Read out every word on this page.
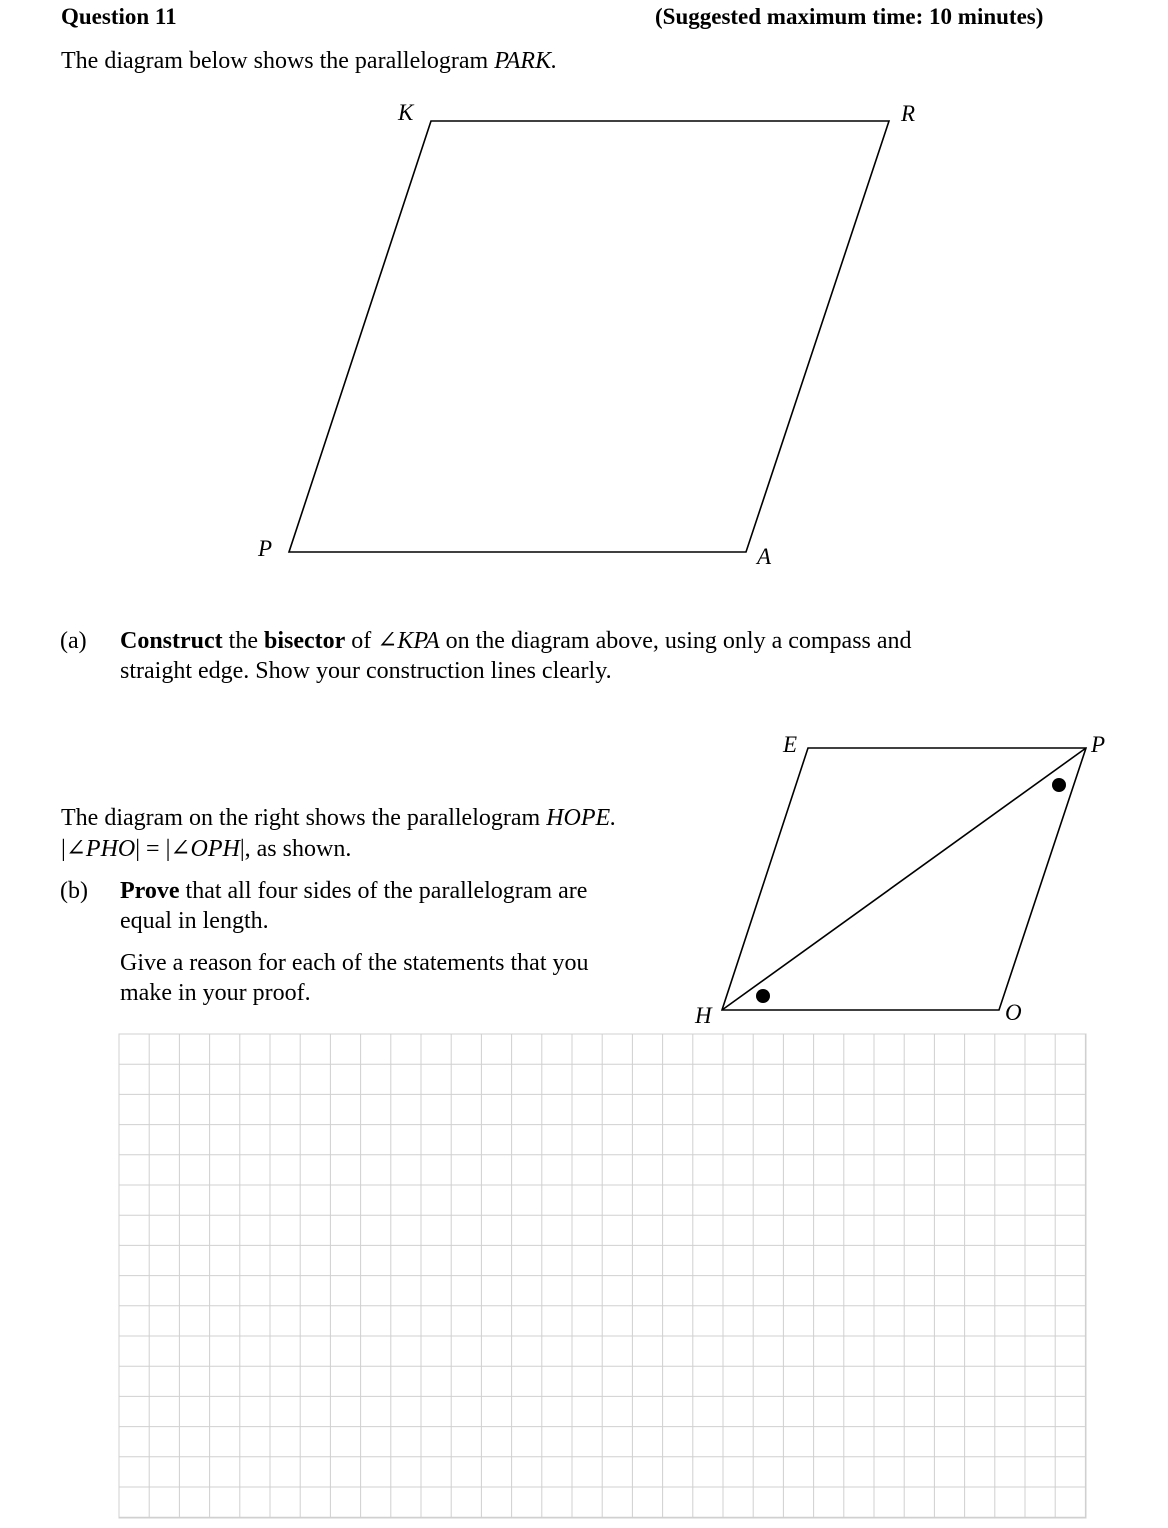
Question 11	(Suggested maximum time: 10 minutes)
The diagram below shows the parallelogram PARK.
K	R
P	A
(a) Construct the bisector of ∠KPA on the diagram above, using only a compass and
straight edge. Show your construction lines clearly.
E	P
H	O
The diagram on the right shows the parallelogram HOPE.
|∠PHO| = |∠OPH|, as shown.
(b) Prove that all four sides of the parallelogram are
equal in length.
Give a reason for each of the statements that you
make in your proof.
